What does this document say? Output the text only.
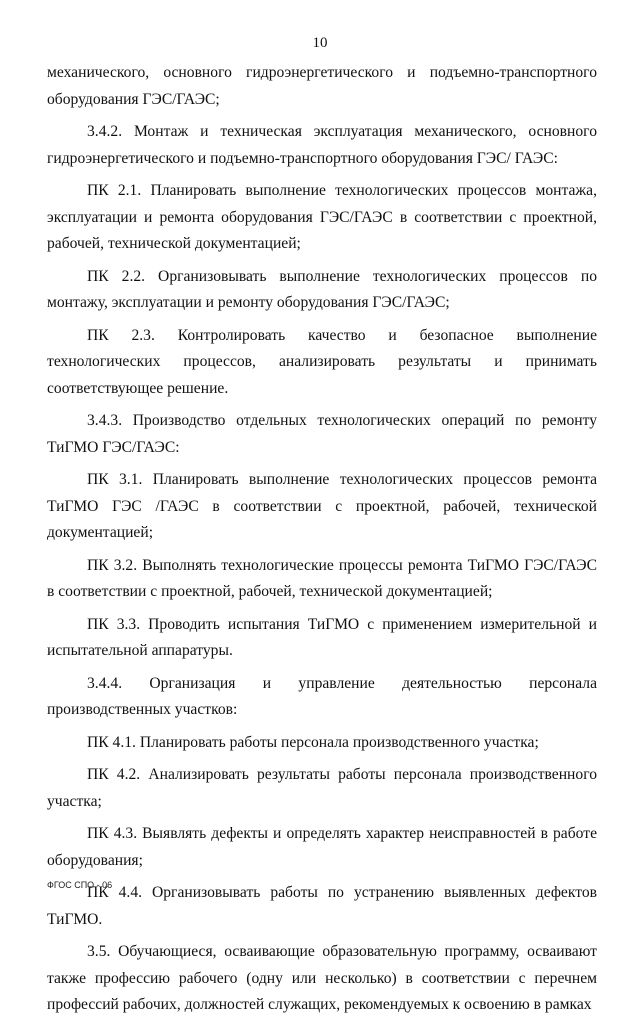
10

механического, основного гидроэнергетического и подъемно-транспортного оборудования ГЭС/ГАЭС;

3.4.2. Монтаж и техническая эксплуатация механического, основного гидроэнергетического и подъемно-транспортного оборудования ГЭС/ ГАЭС:

ПК 2.1. Планировать выполнение технологических процессов монтажа, эксплуатации и ремонта оборудования ГЭС/ГАЭС в соответствии с проектной, рабочей, технической документацией;

ПК 2.2. Организовывать выполнение технологических процессов по монтажу, эксплуатации и ремонту оборудования ГЭС/ГАЭС;

ПК 2.3. Контролировать качество и безопасное выполнение технологических процессов, анализировать результаты и принимать соответствующее решение.

3.4.3. Производство отдельных технологических операций по ремонту ТиГМО ГЭС/ГАЭС:

ПК 3.1. Планировать выполнение технологических процессов ремонта ТиГМО ГЭС /ГАЭС в соответствии с проектной, рабочей, технической документацией;

ПК 3.2. Выполнять технологические процессы ремонта ТиГМО ГЭС/ГАЭС в соответствии с проектной, рабочей, технической документацией;

ПК 3.3. Проводить испытания ТиГМО с применением измерительной и испытательной аппаратуры.

3.4.4. Организация и управление деятельностью персонала производственных участков:

ПК 4.1. Планировать работы персонала производственного участка;

ПК 4.2. Анализировать результаты работы персонала производственного участка;

ПК 4.3. Выявлять дефекты и определять характер неисправностей в работе оборудования;

ПК 4.4. Организовывать работы по устранению выявленных дефектов ТиГМО.

3.5. Обучающиеся, осваивающие образовательную программу, осваивают также профессию рабочего (одну или несколько) в соответствии с перечнем профессий рабочих, должностей служащих, рекомендуемых к освоению в рамках

ФГОС СПО - 06
